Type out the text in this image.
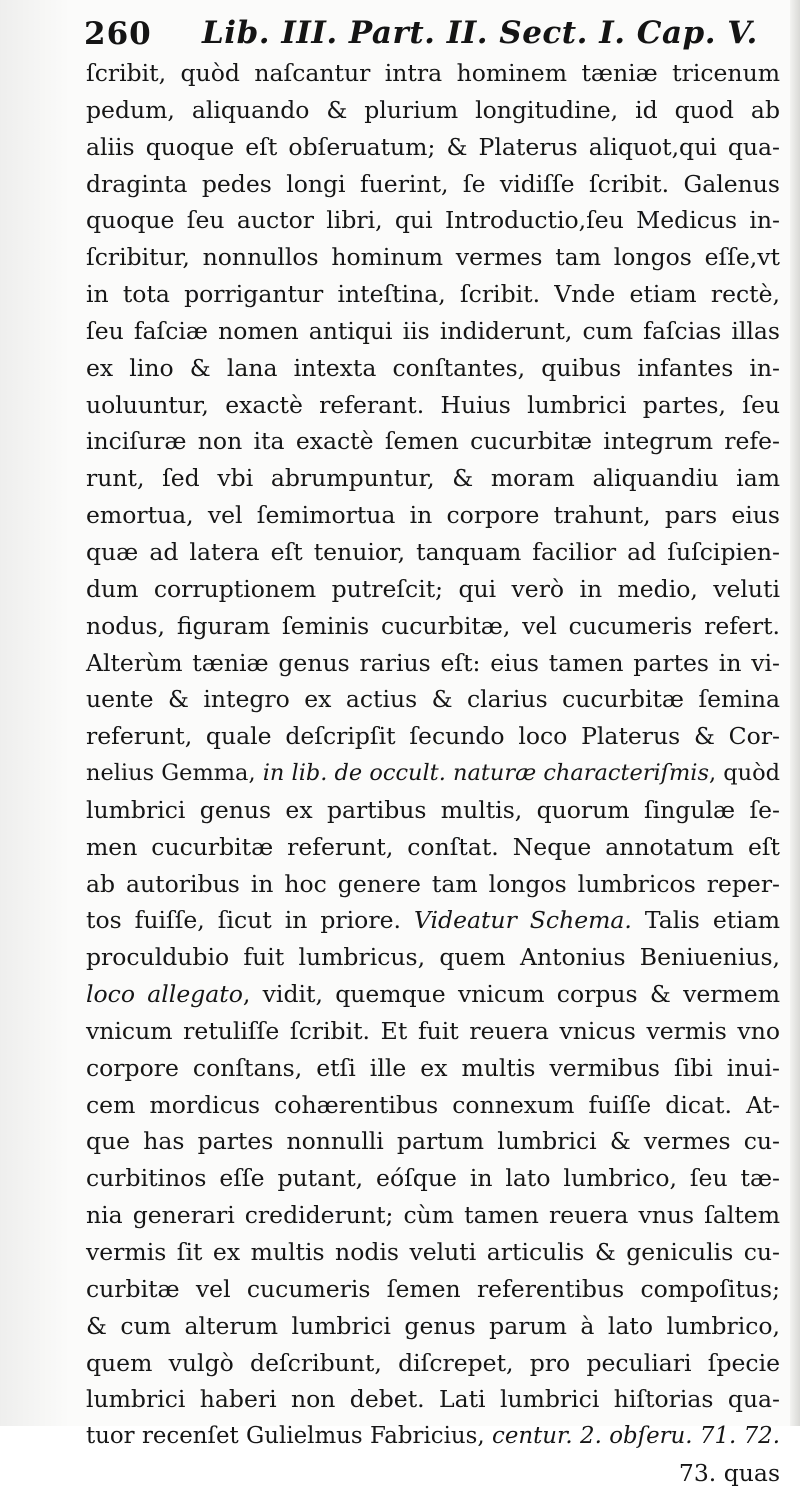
260 Lib. III. Part. II. Sect. I. Cap. V.
ſcribit, quòd naſcantur intra hominem tæniæ tricenum
pedum, aliquando & plurium longitudine, id quod ab
aliis quoque eſt obſeruatum; & Platerus aliquot,qui qua-
draginta pedes longi fuerint, ſe vidiſſe ſcribit. Galenus
quoque ſeu auctor libri, qui Introductio,ſeu Medicus in-
ſcribitur, nonnullos hominum vermes tam longos eſſe,vt
in tota porrigantur inteſtina, ſcribit. Vnde etiam rectè,
ſeu faſciæ nomen antiqui iis indiderunt, cum faſcias illas
ex lino & lana intexta conſtantes, quibus infantes in-
uoluuntur, exactè referant. Huius lumbrici partes, ſeu
inciſuræ non ita exactè ſemen cucurbitæ integrum refe-
runt, ſed vbi abrumpuntur, & moram aliquandiu iam
emortua, vel ſemimortua in corpore trahunt, pars eius
quæ ad latera eſt tenuior, tanquam facilior ad ſuſcipien-
dum corruptionem putreſcit; qui verò in medio, veluti
nodus, figuram ſeminis cucurbitæ, vel cucumeris refert.
Alterùm tæniæ genus rarius eſt: eius tamen partes in vi-
uente & integro ex actius & clarius cucurbitæ ſemina
referunt, quale deſcripſit ſecundo loco Platerus & Cor-
nelius Gemma, in lib. de occult. naturæ characteriſmis, quòd
lumbrici genus ex partibus multis, quorum ſingulæ ſe-
men cucurbitæ referunt, conſtat. Neque annotatum eſt
ab autoribus in hoc genere tam longos lumbricos reper-
tos fuiſſe, ſicut in priore. Videatur Schema. Talis etiam
proculdubio fuit lumbricus, quem Antonius Beniuenius,
loco allegato, vidit, quemque vnicum corpus & vermem
vnicum retuliſſe ſcribit. Et fuit reuera vnicus vermis vno
corpore conſtans, etſi ille ex multis vermibus ſibi inui-
cem mordicus cohærentibus connexum fuiſſe dicat. At-
que has partes nonnulli partum lumbrici & vermes cu-
curbitinos eſſe putant, eóſque in lato lumbrico, ſeu tæ-
nia generari crediderunt; cùm tamen reuera vnus ſaltem
vermis ſit ex multis nodis veluti articulis & geniculis cu-
curbitæ vel cucumeris ſemen referentibus compoſitus;
& cum alterum lumbrici genus parum à lato lumbrico,
quem vulgò deſcribunt, diſcrepet, pro peculiari ſpecie
lumbrici haberi non debet. Lati lumbrici hiſtorias qua-
tuor recenſet Gulielmus Fabricius, centur. 2. obſeru. 71. 72.
73. quas
